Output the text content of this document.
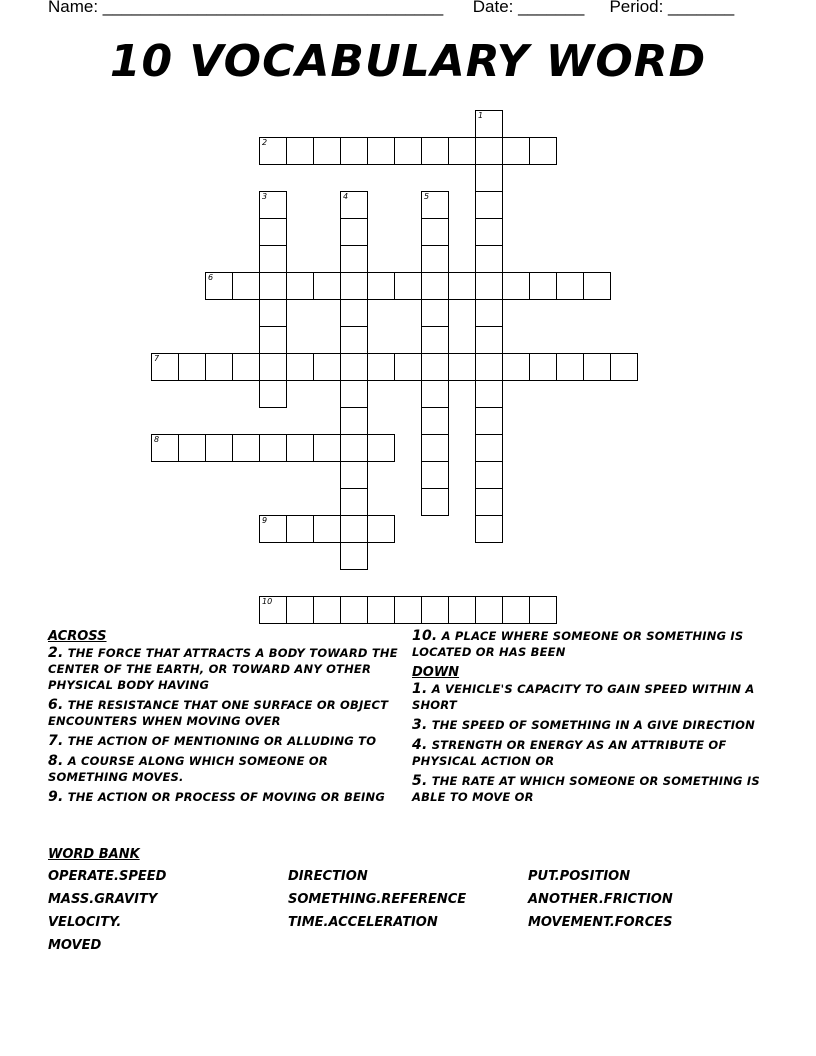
Name: ____________________________________ Date: _______ Period: _______
10 VOCABULARY WORD
1
2
3	4	5
6
7
8
9
10
ACROSS
2. THE FORCE THAT ATTRACTS A BODY TOWARD THE CENTER OF THE EARTH, OR TOWARD ANY OTHER PHYSICAL BODY HAVING
6. THE RESISTANCE THAT ONE SURFACE OR OBJECT ENCOUNTERS WHEN MOVING OVER
7. THE ACTION OF MENTIONING OR ALLUDING TO
8. A COURSE ALONG WHICH SOMEONE OR SOMETHING MOVES.
9. THE ACTION OR PROCESS OF MOVING OR BEING
10. A PLACE WHERE SOMEONE OR SOMETHING IS LOCATED OR HAS BEEN
DOWN
1. A VEHICLE'S CAPACITY TO GAIN SPEED WITHIN A SHORT
3. THE SPEED OF SOMETHING IN A GIVE DIRECTION
4. STRENGTH OR ENERGY AS AN ATTRIBUTE OF PHYSICAL ACTION OR
5. THE RATE AT WHICH SOMEONE OR SOMETHING IS ABLE TO MOVE OR
WORD BANK
OPERATE.SPEED	DIRECTION	PUT.POSITION
MASS.GRAVITY	SOMETHING.REFERENCE	ANOTHER.FRICTION
VELOCITY.	TIME.ACCELERATION	MOVEMENT.FORCES
MOVED
